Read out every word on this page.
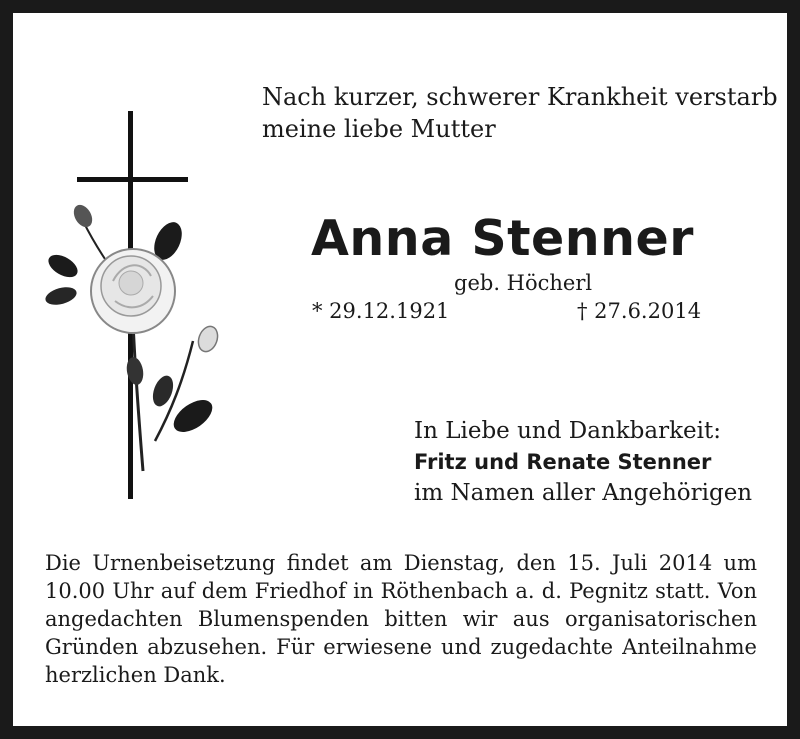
Nach kurzer, schwerer Krankheit verstarb
meine liebe Mutter
Anna Stenner
geb. Höcherl
* 29.12.1921	† 27.6.2014
In Liebe und Dankbarkeit:
Fritz und Renate Stenner
im Namen aller Angehörigen
Die Urnenbeisetzung findet am Dienstag, den 15. Juli 2014 um 10.00 Uhr auf dem Friedhof in Röthenbach a. d. Pegnitz statt. Von angedachten Blumenspenden bitten wir aus organisatorischen Gründen abzusehen. Für erwiesene und zugedachte Anteilnahme herzlichen Dank.
